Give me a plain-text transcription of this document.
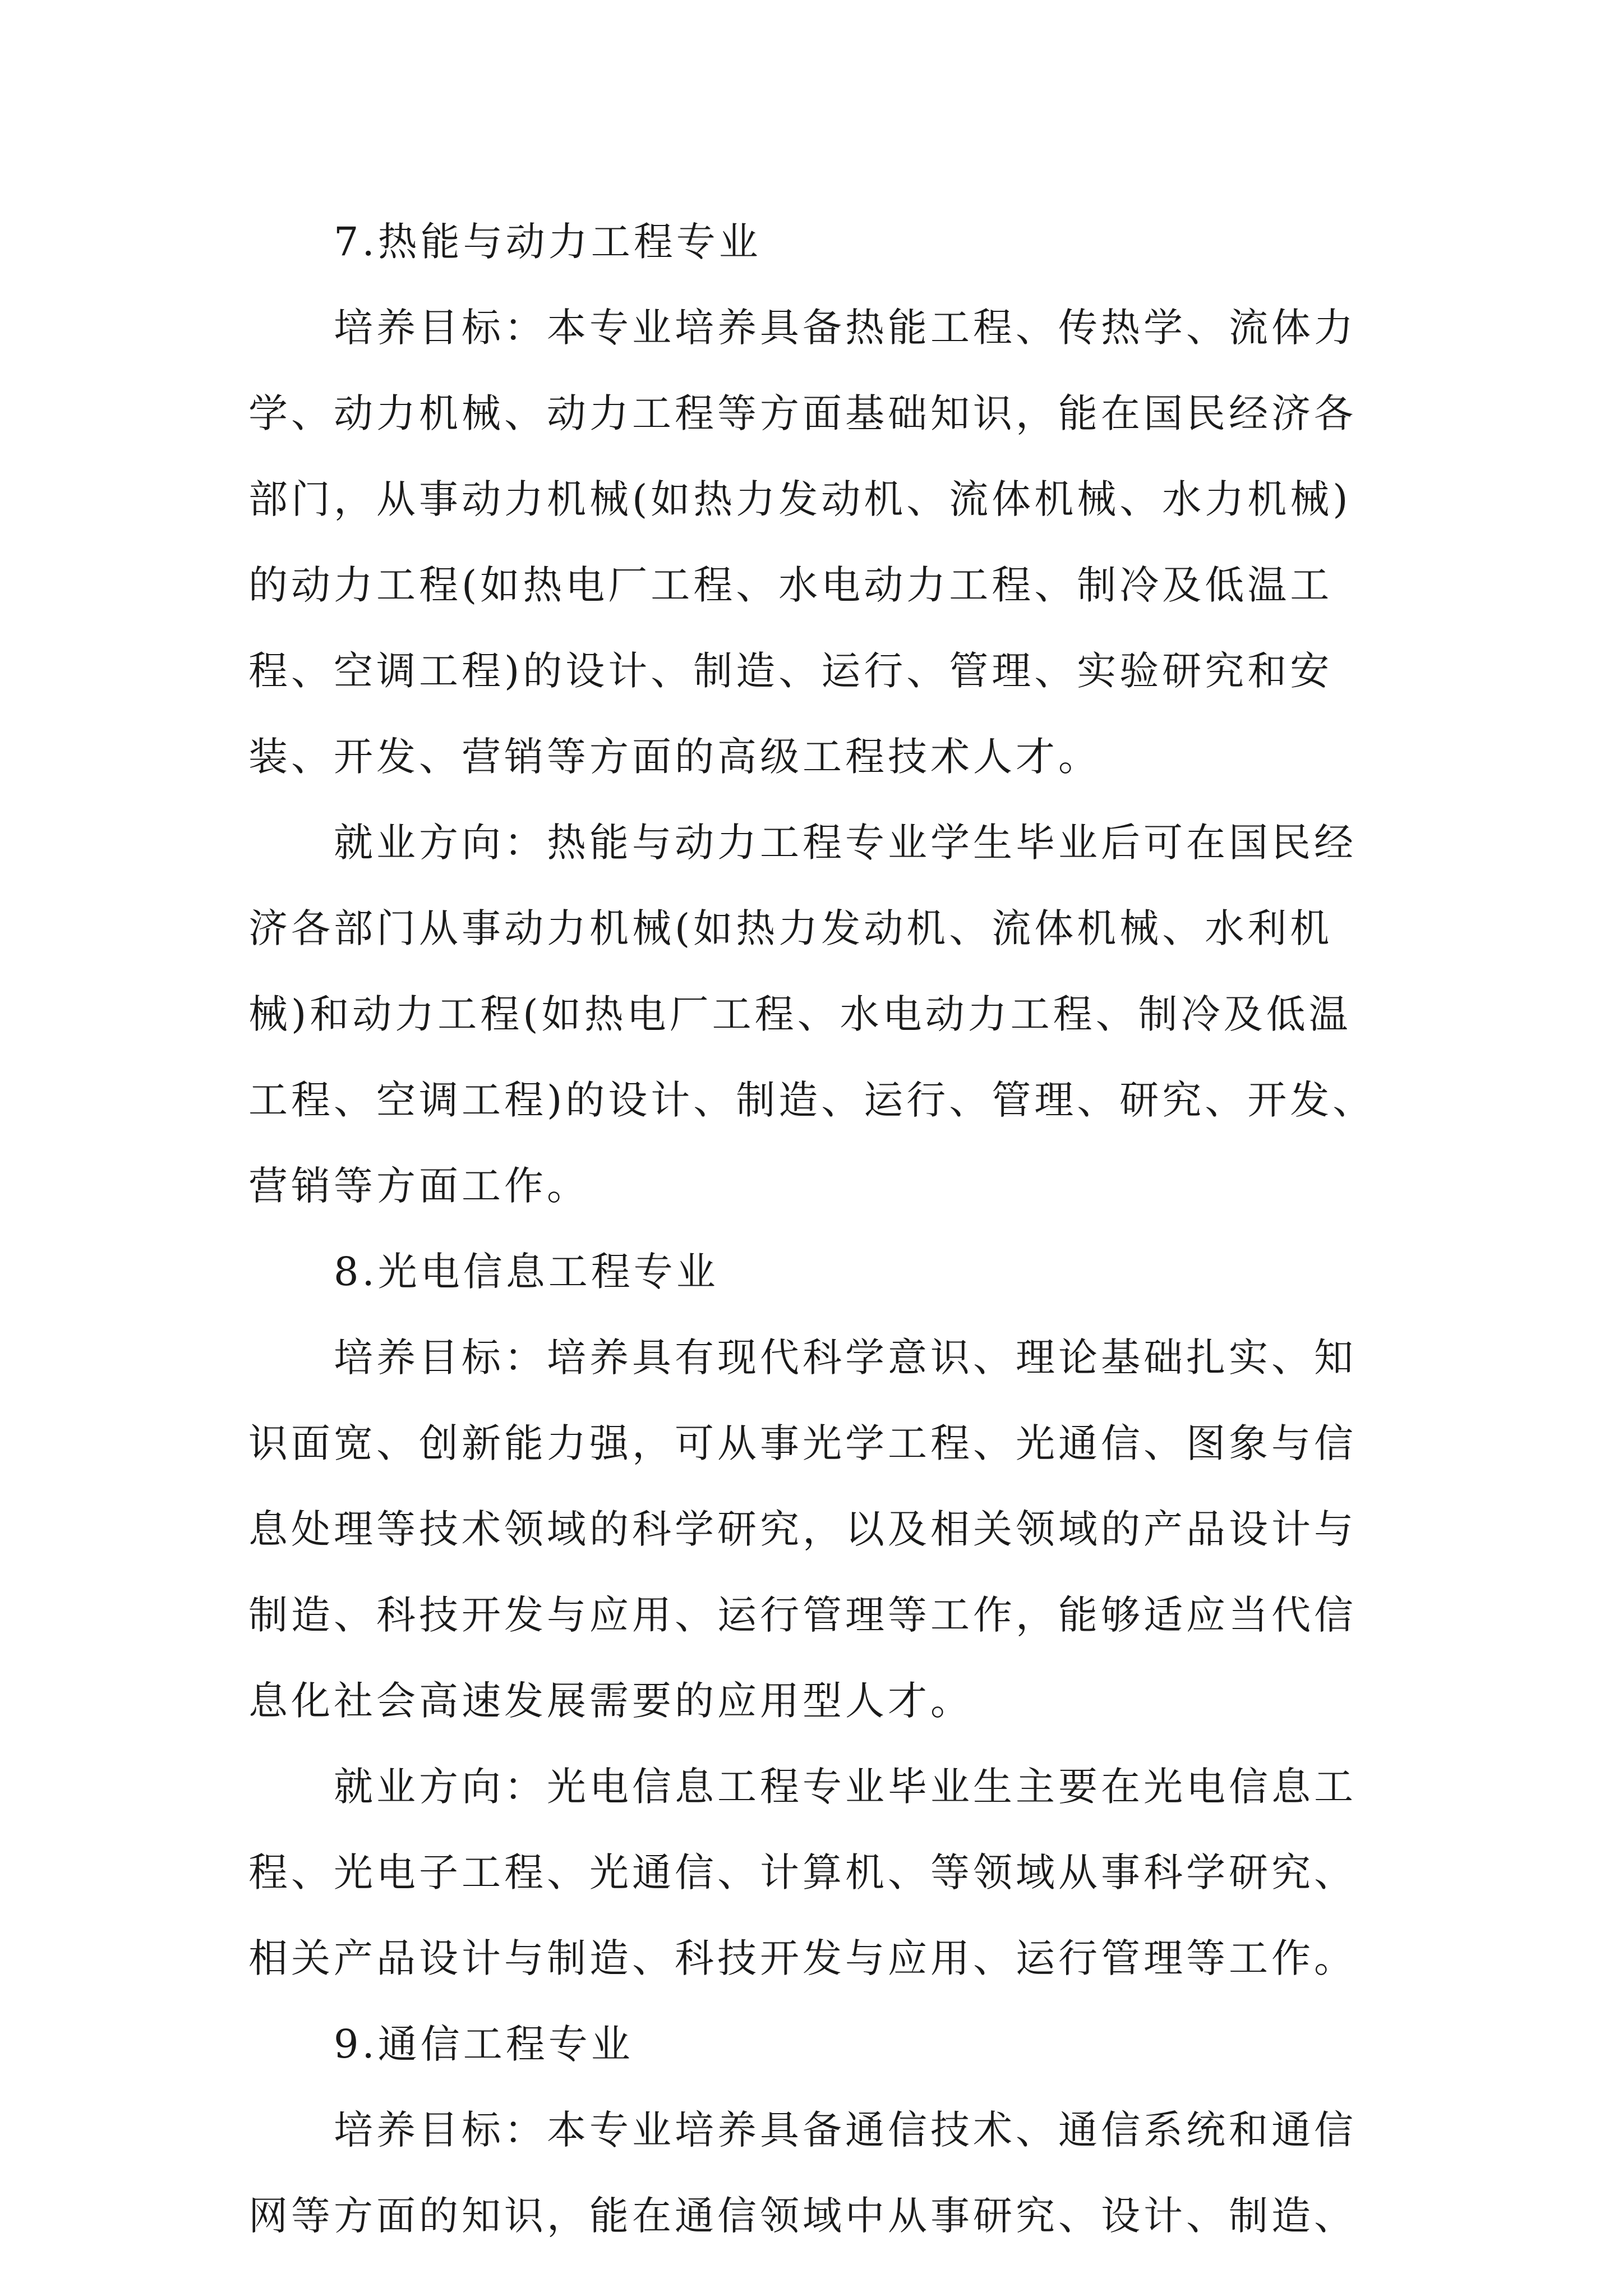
7.热能与动力工程专业
培养目标：本专业培养具备热能工程、传热学、流体力
学、动力机械、动力工程等方面基础知识，能在国民经济各
部门，从事动力机械(如热力发动机、流体机械、水力机械)
的动力工程(如热电厂工程、水电动力工程、制冷及低温工
程、空调工程)的设计、制造、运行、管理、实验研究和安
装、开发、营销等方面的高级工程技术人才。
就业方向：热能与动力工程专业学生毕业后可在国民经
济各部门从事动力机械(如热力发动机、流体机械、水利机
械)和动力工程(如热电厂工程、水电动力工程、制冷及低温
工程、空调工程)的设计、制造、运行、管理、研究、开发、
营销等方面工作。
8.光电信息工程专业
培养目标：培养具有现代科学意识、理论基础扎实、知
识面宽、创新能力强，可从事光学工程、光通信、图象与信
息处理等技术领域的科学研究，以及相关领域的产品设计与
制造、科技开发与应用、运行管理等工作，能够适应当代信
息化社会高速发展需要的应用型人才。
就业方向：光电信息工程专业毕业生主要在光电信息工
程、光电子工程、光通信、计算机、等领域从事科学研究、
相关产品设计与制造、科技开发与应用、运行管理等工作。
9.通信工程专业
培养目标：本专业培养具备通信技术、通信系统和通信
网等方面的知识，能在通信领域中从事研究、设计、制造、
